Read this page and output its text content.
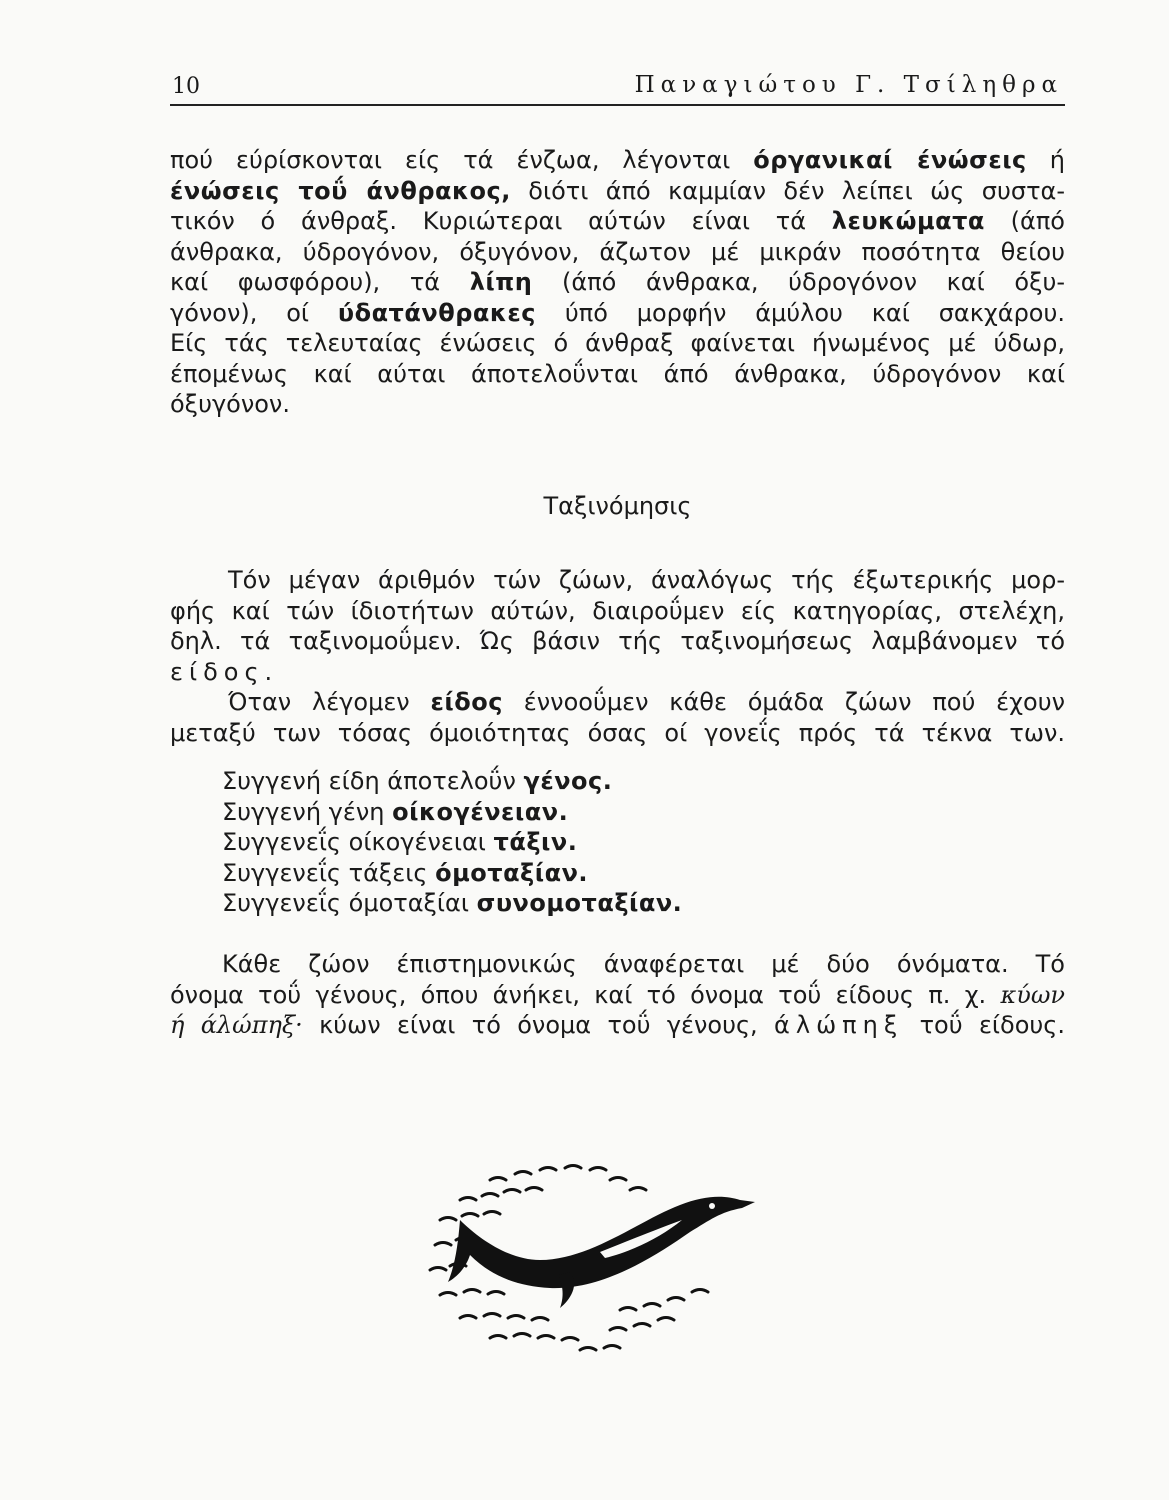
10	Παναγιώτου Γ. Τσίληθρα
πού εύρίσκονται είς τά ένζωα, λέγονται όργανικαί ένώσεις ή
ένώσεις τοΰ άνθρακος, διότι άπό καμμίαν δέν λείπει ώς συστα-
τικόν ό άνθραξ. Κυριώτεραι αύτών είναι τά λευκώματα (άπό
άνθρακα, ύδρογόνον, όξυγόνον, άζωτον μέ μικράν ποσότητα θείου
καί φωσφόρου), τά λίπη (άπό άνθρακα, ύδρογόνον καί όξυ-
γόνον), οί ύδατάνθρακες ύπό μορφήν άμύλου καί σακχάρου.
Είς τάς τελευταίας ένώσεις ό άνθραξ φαίνεται ήνωμένος μέ ύδωρ,
έπομένως καί αύται άποτελοΰνται άπό άνθρακα, ύδρογόνον καί
όξυγόνον.
Ταξινόμησις
Τόν μέγαν άριθμόν τών ζώων, άναλόγως τής έξωτερικής μορ-
φής καί τών ίδιοτήτων αύτών, διαιροΰμεν είς κατηγορίας, στελέχη,
δηλ. τά ταξινομοΰμεν. Ώς βάσιν τής ταξινομήσεως λαμβάνομεν τό
είδος.
Όταν λέγομεν είδος έννοοΰμεν κάθε όμάδα ζώων πού έχουν
μεταξύ των τόσας όμοιότητας όσας οί γονεΐς πρός τά τέκνα των.
Συγγενή είδη άποτελοΰν γένος.
Συγγενή γένη οίκογένειαν.
Συγγενεΐς οίκογένειαι τάξιν.
Συγγενεΐς τάξεις όμοταξίαν.
Συγγενεΐς όμοταξίαι συνομοταξίαν.
Κάθε ζώον έπιστημονικώς άναφέρεται μέ δύο όνόματα. Τό
όνομα τοΰ γένους, όπου άνήκει, καί τό όνομα τοΰ είδους π. χ. κύων
ή άλώπηξ· κύων είναι τό όνομα τοΰ γένους, άλώπηξ τοΰ είδους.
